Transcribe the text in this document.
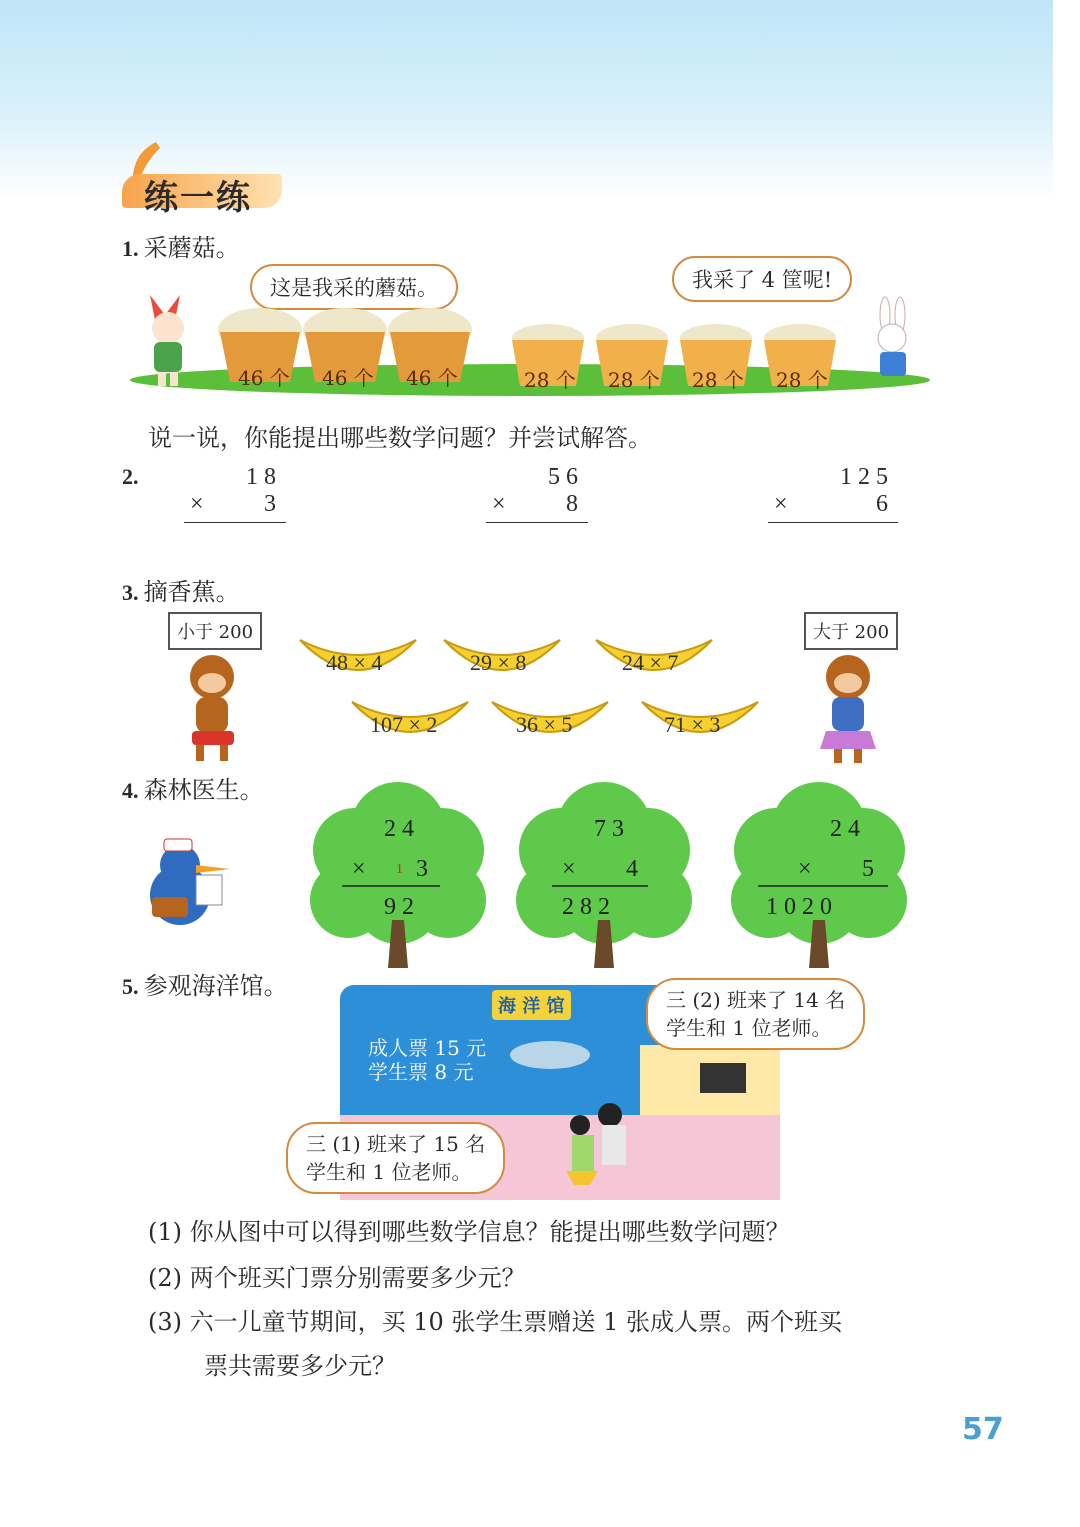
练一练
1. 采蘑菇。
这是我采的蘑菇。	我采了 4 筐呢!
46 个 46 个 46 个	28 个 28 个 28 个 28 个
说一说，你能提出哪些数学问题？并尝试解答。
2.	1 8
×	3
5 6
×	8
1 2 5
×	6
3. 摘香蕉。
小于 200	大于 200
48 × 4	29 × 8	24 × 7
107 × 2	36 × 5	71 × 3
4. 森林医生。
2 4
× 3
1
9 2
7 3
× 4
2 8 2
2 4
× 5
1 0 2 0
5. 参观海洋馆。
海 洋 馆
成人票 15 元
学生票 8 元
三 (2) 班来了 14 名
学生和 1 位老师。
三 (1) 班来了 15 名
学生和 1 位老师。
(1) 你从图中可以得到哪些数学信息？能提出哪些数学问题？
(2) 两个班买门票分别需要多少元？
(3) 六一儿童节期间，买 10 张学生票赠送 1 张成人票。两个班买
票共需要多少元？
57
